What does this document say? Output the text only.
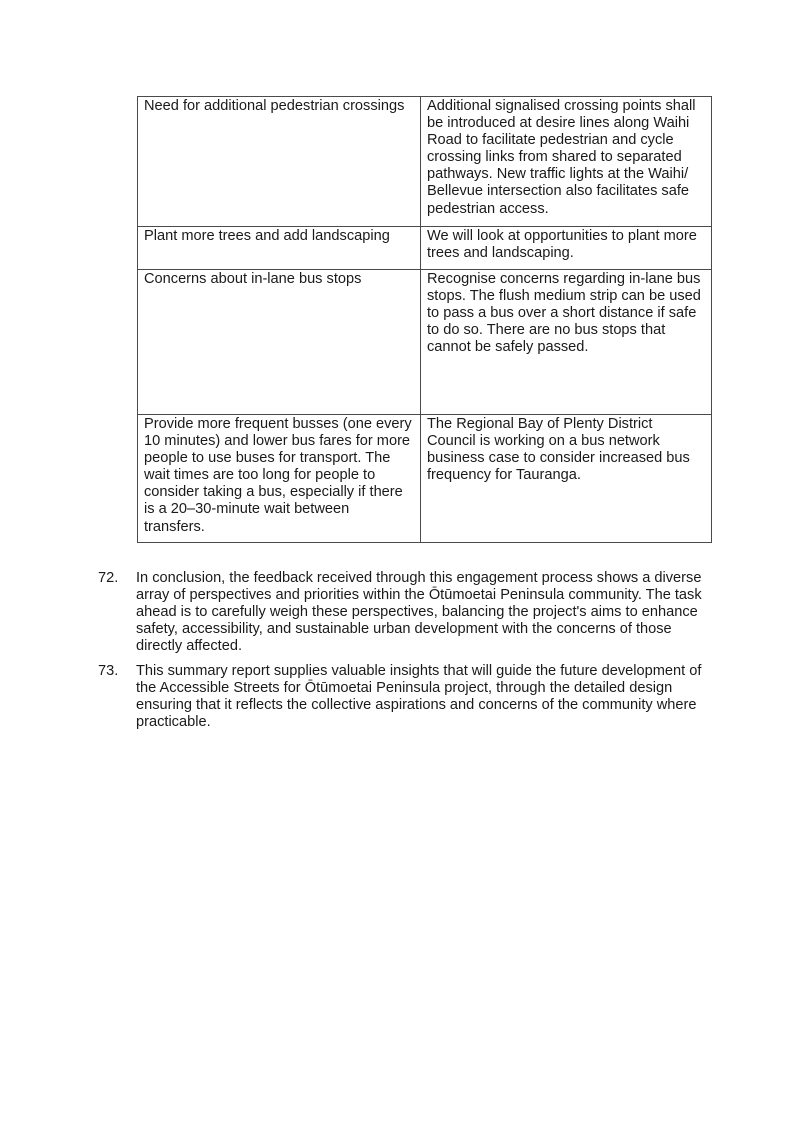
Need for additional pedestrian crossings	Additional signalised crossing points shall be introduced at desire lines along Waihi Road to facilitate pedestrian and cycle crossing links from shared to separated pathways. New traffic lights at the Waihi/ Bellevue intersection also facilitates safe pedestrian access.
Plant more trees and add landscaping	We will look at opportunities to plant more trees and landscaping.
Concerns about in-lane bus stops	Recognise concerns regarding in-lane bus stops. The flush medium strip can be used to pass a bus over a short distance if safe to do so. There are no bus stops that cannot be safely passed.
Provide more frequent busses (one every 10 minutes) and lower bus fares for more people to use buses for transport. The wait times are too long for people to consider taking a bus, especially if there is a 20–30-minute wait between transfers.	The Regional Bay of Plenty District Council is working on a bus network business case to consider increased bus frequency for Tauranga.
72. In conclusion, the feedback received through this engagement process shows a diverse array of perspectives and priorities within the Ōtūmoetai Peninsula community. The task ahead is to carefully weigh these perspectives, balancing the project's aims to enhance safety, accessibility, and sustainable urban development with the concerns of those directly affected.
73. This summary report supplies valuable insights that will guide the future development of the Accessible Streets for Ōtūmoetai Peninsula project, through the detailed design ensuring that it reflects the collective aspirations and concerns of the community where practicable.
